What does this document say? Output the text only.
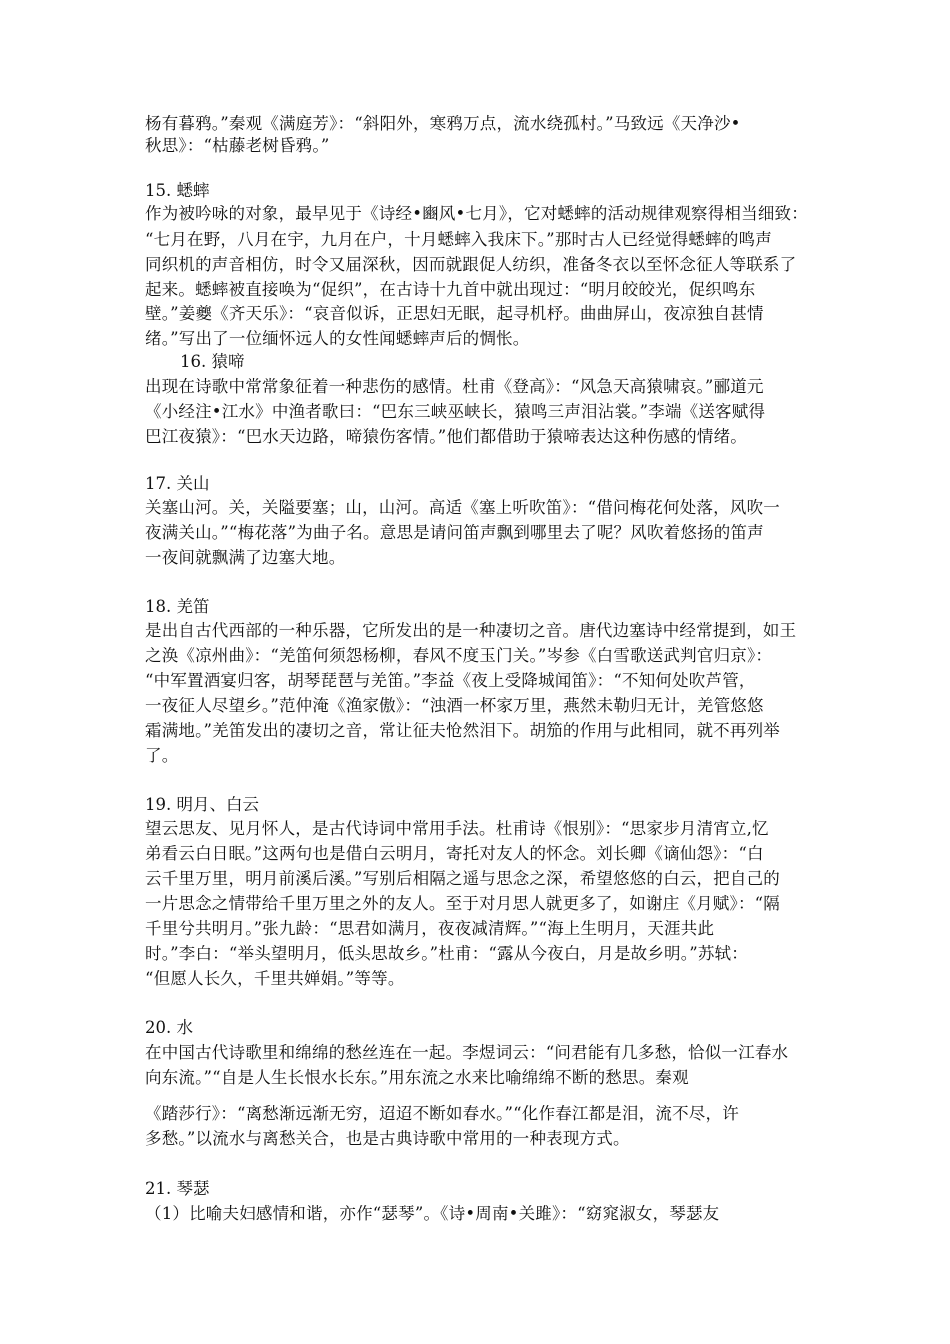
杨有暮鸦。”秦观《满庭芳》：“斜阳外，寒鸦万点，流水绕孤村。”马致远《天净沙•
秋思》：“枯藤老树昏鸦。”
15. 蟋蟀
作为被吟咏的对象，最早见于《诗经•豳风•七月》，它对蟋蟀的活动规律观察得相当细致：
“七月在野，八月在宇，九月在户，十月蟋蟀入我床下。”那时古人已经觉得蟋蟀的鸣声
同织机的声音相仿，时令又届深秋，因而就跟促人纺织，准备冬衣以至怀念征人等联系了
起来。蟋蟀被直接唤为“促织”，在古诗十九首中就出现过：“明月皎皎光，促织鸣东
壁。”姜夔《齐天乐》：“哀音似诉，正思妇无眠，起寻机杼。曲曲屏山，夜凉独自甚情
绪。”写出了一位缅怀远人的女性闻蟋蟀声后的惆怅。
16. 猿啼
出现在诗歌中常常象征着一种悲伤的感情。杜甫《登高》：“风急天高猿啸哀。”郦道元
《小经注•江水》中渔者歌曰：“巴东三峡巫峡长，猿鸣三声泪沾裳。”李端《送客赋得
巴江夜猿》：“巴水天边路，啼猿伤客情。”他们都借助于猿啼表达这种伤感的情绪。
17. 关山
关塞山河。关，关隘要塞；山，山河。高适《塞上听吹笛》：“借问梅花何处落，风吹一
夜满关山。”“梅花落”为曲子名。意思是请问笛声飘到哪里去了呢？风吹着悠扬的笛声
一夜间就飘满了边塞大地。
18. 羌笛
是出自古代西部的一种乐器，它所发出的是一种凄切之音。唐代边塞诗中经常提到，如王
之涣《凉州曲》：“羌笛何须怨杨柳，春风不度玉门关。”岑参《白雪歌送武判官归京》：
“中军置酒宴归客，胡琴琵琶与羌笛。”李益《夜上受降城闻笛》：“不知何处吹芦管，
一夜征人尽望乡。”范仲淹《渔家傲》：“浊酒一杯家万里，燕然未勒归无计，羌管悠悠
霜满地。”羌笛发出的凄切之音，常让征夫怆然泪下。胡笳的作用与此相同，就不再列举
了。
19. 明月、白云
望云思友、见月怀人，是古代诗词中常用手法。杜甫诗《恨别》：“思家步月清宵立,忆
弟看云白日眠。”这两句也是借白云明月，寄托对友人的怀念。刘长卿《谪仙怨》：“白
云千里万里，明月前溪后溪。”写别后相隔之遥与思念之深，希望悠悠的白云，把自己的
一片思念之情带给千里万里之外的友人。至于对月思人就更多了，如谢庄《月赋》：“隔
千里兮共明月。”张九龄：“思君如满月，夜夜减清辉。”“海上生明月，天涯共此
时。”李白：“举头望明月，低头思故乡。”杜甫：“露从今夜白，月是故乡明。”苏轼：
“但愿人长久，千里共婵娟。”等等。
20. 水
在中国古代诗歌里和绵绵的愁丝连在一起。李煜词云：“问君能有几多愁，恰似一江春水
向东流。”“自是人生长恨水长东。”用东流之水来比喻绵绵不断的愁思。秦观
《踏莎行》：“离愁渐远渐无穷，迢迢不断如春水。”“化作春江都是泪，流不尽，许
多愁。”以流水与离愁关合，也是古典诗歌中常用的一种表现方式。
21. 琴瑟
（1）比喻夫妇感情和谐，亦作“瑟琴”。《诗•周南•关雎》：“窈窕淑女，琴瑟友
